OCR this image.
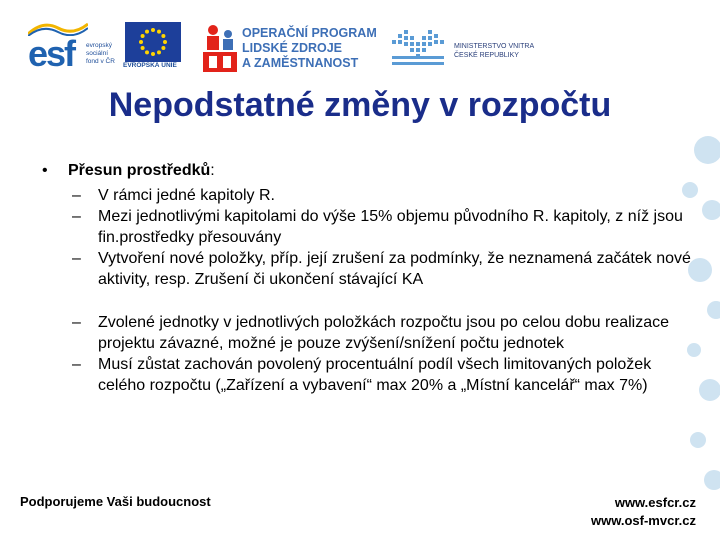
esf evropský
sociální
fond v ČR
EVROPSKÁ UNIE
OPERAČNÍ PROGRAM
LIDSKÉ ZDROJE
A ZAMĚSTNANOST
MINISTERSTVO VNITRA
ČESKÉ REPUBLIKY
Nepodstatné změny v rozpočtu
• Přesun prostředků:
– V rámci jedné kapitoly R.
– Mezi jednotlivými kapitolami do výše 15% objemu původního R. kapitoly, z níž jsou fin.prostředky přesouvány
– Vytvoření nové položky, příp. její zrušení za podmínky, že neznamená začátek nové aktivity, resp. Zrušení či ukončení stávající KA
– Zvolené jednotky v jednotlivých položkách rozpočtu jsou po celou dobu realizace projektu závazné, možné je pouze zvýšení/snížení počtu jednotek
– Musí zůstat zachován povolený procentuální podíl všech limitovaných položek celého rozpočtu („Zařízení a vybavení“ max 20% a „Místní kancelář“ max 7%)
Podporujeme Vaši budoucnost	www.esfcr.cz
www.osf-mvcr.cz
